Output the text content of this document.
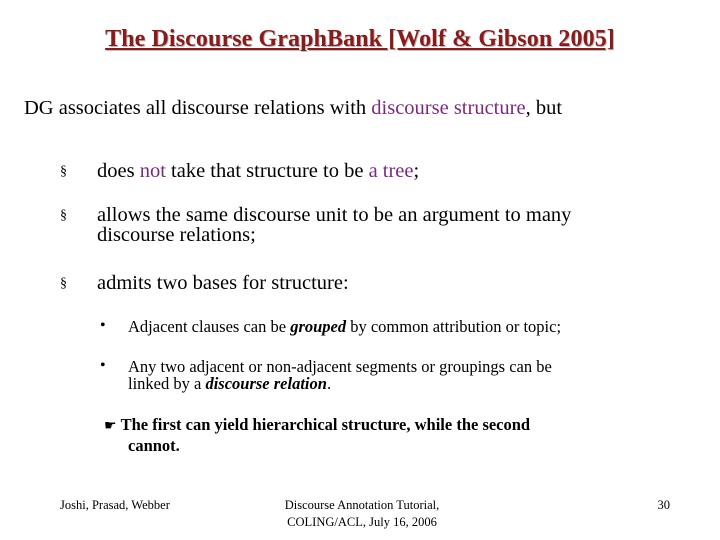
The Discourse GraphBank [Wolf & Gibson 2005]
DG associates all discourse relations with discourse structure, but
§ does not take that structure to be a tree;
§ allows the same discourse unit to be an argument to many
discourse relations;
§ admits two bases for structure:
• Adjacent clauses can be grouped by common attribution or topic;
• Any two adjacent or non-adjacent segments or groupings can be
linked by a discourse relation.
☛ The first can yield hierarchical structure, while the second
cannot.
Joshi, Prasad, Webber	Discourse Annotation Tutorial,
COLING/ACL, July 16, 2006
30
